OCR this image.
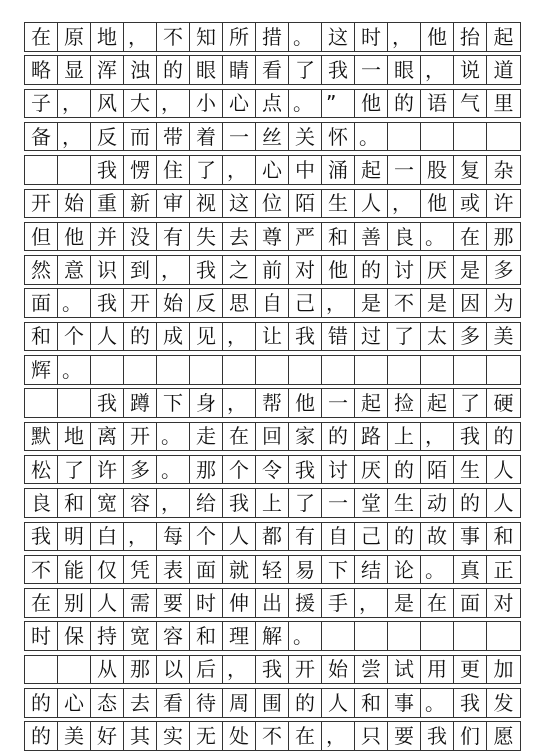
在 原 地 ， 不 知 所 措 。 这 时 ， 他 抬 起
略 显 浑 浊 的 眼 睛 看 了 我 一 眼 ， 说 道
子 ， 风 大 ， 小 心 点 。 ”	他 的 语 气 里
备 ， 反 而 带 着 一 丝 关 怀 。
我 愣 住 了 ， 心 中 涌 起 一 股 复 杂
开 始 重 新 审 视 这 位 陌 生 人 ， 他 或 许
但 他 并 没 有 失 去 尊 严 和 善 良 。 在 那
然 意 识 到 ， 我 之 前 对 他 的 讨 厌 是 多
面 。 我 开 始 反 思 自 己 ， 是 不 是 因 为
和 个 人 的 成 见 ， 让 我 错 过 了 太 多 美
辉 。
我 蹲 下 身 ， 帮 他 一 起 捡 起 了 硬
默 地 离 开 。 走 在 回 家 的 路 上 ， 我 的
松 了 许 多 。 那 个 令 我 讨 厌 的 陌 生 人
良 和 宽 容 ， 给 我 上 了 一 堂 生 动 的 人
我 明 白 ， 每 个 人 都 有 自 己 的 故 事 和
不 能 仅 凭 表 面 就 轻 易 下 结 论 。 真 正
在 别 人 需 要 时 伸 出 援 手 ， 是 在 面 对
时 保 持 宽 容 和 理 解 。
从 那 以 后 ， 我 开 始 尝 试 用 更 加
的 心 态 去 看 待 周 围 的 人 和 事 。 我 发
的 美 好 其 实 无 处 不 在 ， 只 要 我 们 愿
